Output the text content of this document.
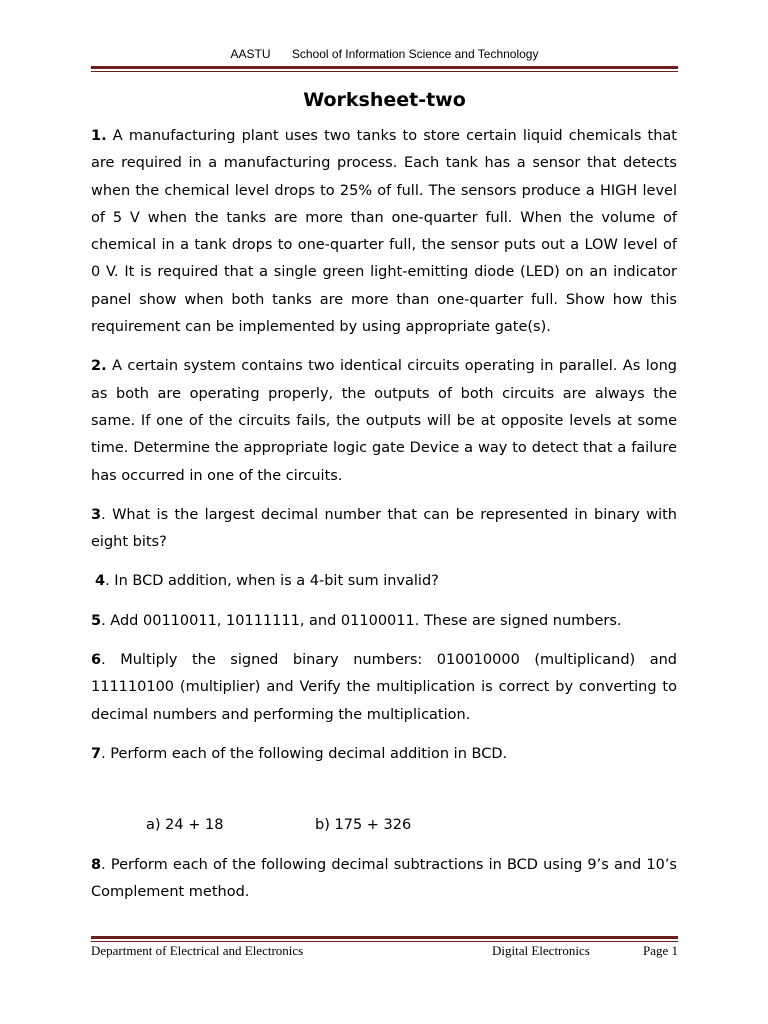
AASTU School of Information Science and Technology
Worksheet-two

1. A manufacturing plant uses two tanks to store certain liquid chemicals that are required in a manufacturing process. Each tank has a sensor that detects when the chemical level drops to 25% of full. The sensors produce a HIGH level of 5 V when the tanks are more than one-quarter full. When the volume of chemical in a tank drops to one-quarter full, the sensor puts out a LOW level of 0 V. It is required that a single green light-emitting diode (LED) on an indicator panel show when both tanks are more than one-quarter full. Show how this requirement can be implemented by using appropriate gate(s).

2. A certain system contains two identical circuits operating in parallel. As long as both are operating properly, the outputs of both circuits are always the same. If one of the circuits fails, the outputs will be at opposite levels at some time. Determine the appropriate logic gate Device a way to detect that a failure has occurred in one of the circuits.

3. What is the largest decimal number that can be represented in binary with eight bits?

4. In BCD addition, when is a 4-bit sum invalid?

5. Add 00110011, 10111111, and 01100011. These are signed numbers.

6. Multiply the signed binary numbers: 010010000 (multiplicand) and 111110100 (multiplier) and Verify the multiplication is correct by converting to decimal numbers and performing the multiplication.

7. Perform each of the following decimal addition in BCD.

a) 24 + 18	b) 175 + 326
8. Perform each of the following decimal subtractions in BCD using 9’s and 10’s Complement method.
Department of Electrical and Electronics	Digital Electronics	Page 1
